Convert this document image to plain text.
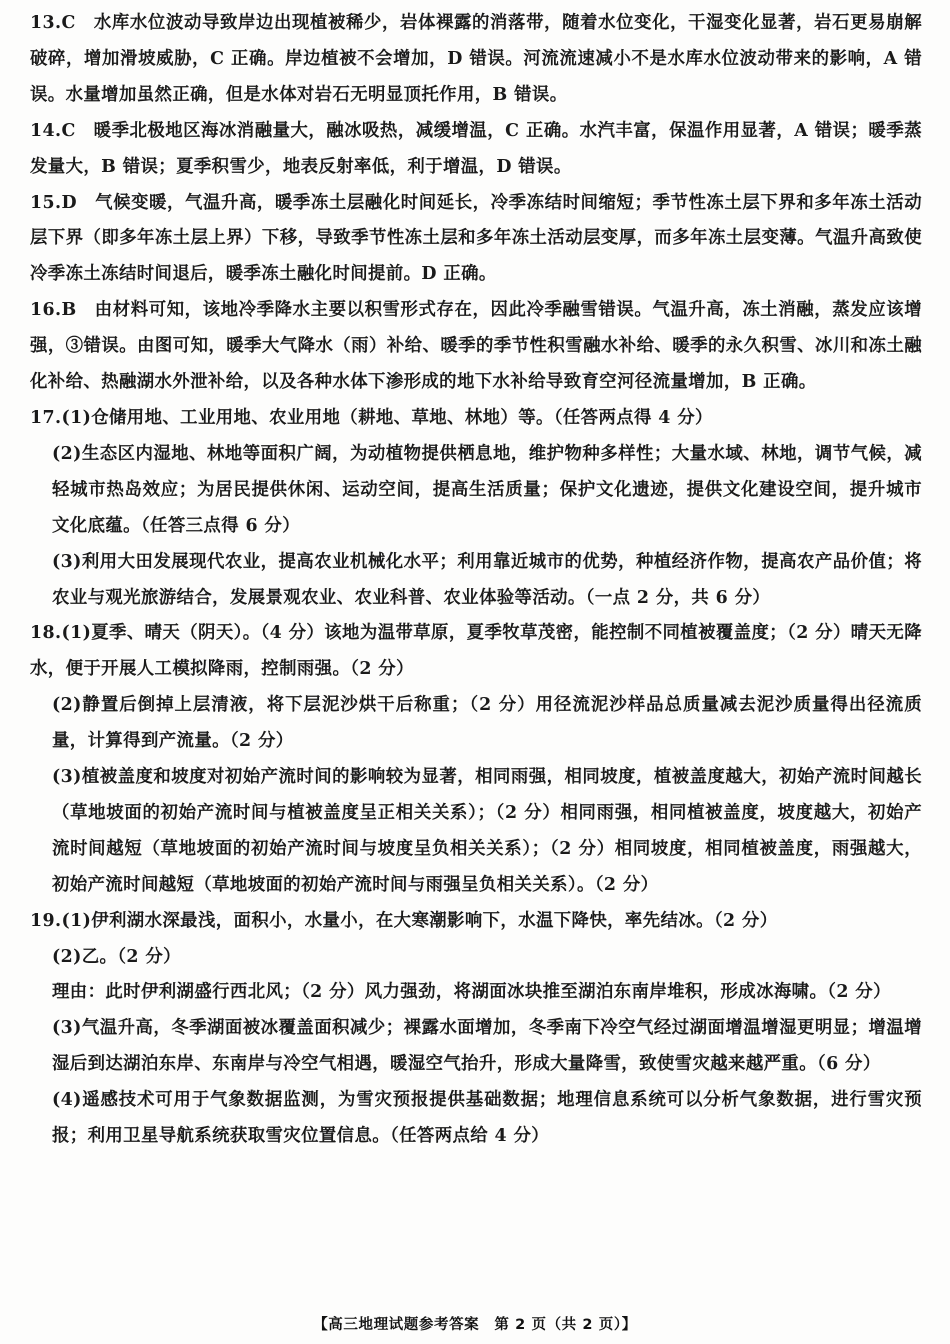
13.C　水库水位波动导致岸边出现植被稀少，岩体裸露的消落带，随着水位变化，干湿变化显著，岩石更易崩解破碎，增加滑坡威胁，C 正确。岸边植被不会增加，D 错误。河流流速减小不是水库水位波动带来的影响，A 错误。水量增加虽然正确，但是水体对岩石无明显顶托作用，B 错误。

14.C　暖季北极地区海冰消融量大，融冰吸热，减缓增温，C 正确。水汽丰富，保温作用显著，A 错误；暖季蒸发量大，B 错误；夏季积雪少，地表反射率低，利于增温，D 错误。

15.D　气候变暖，气温升高，暖季冻土层融化时间延长，冷季冻结时间缩短；季节性冻土层下界和多年冻土活动层下界（即多年冻土层上界）下移，导致季节性冻土层和多年冻土活动层变厚，而多年冻土层变薄。气温升高致使冷季冻土冻结时间退后，暖季冻土融化时间提前。D 正确。

16.B　由材料可知，该地冷季降水主要以积雪形式存在，因此冷季融雪错误。气温升高，冻土消融，蒸发应该增强，③错误。由图可知，暖季大气降水（雨）补给、暖季的季节性积雪融水补给、暖季的永久积雪、冰川和冻土融化补给、热融湖水外泄补给，以及各种水体下渗形成的地下水补给导致育空河径流量增加，B 正确。

17.(1)仓储用地、工业用地、农业用地（耕地、草地、林地）等。（任答两点得 4 分）

(2)生态区内湿地、林地等面积广阔，为动植物提供栖息地，维护物种多样性；大量水域、林地，调节气候，减轻城市热岛效应；为居民提供休闲、运动空间，提高生活质量；保护文化遗迹，提供文化建设空间，提升城市文化底蕴。（任答三点得 6 分）

(3)利用大田发展现代农业，提高农业机械化水平；利用靠近城市的优势，种植经济作物，提高农产品价值；将农业与观光旅游结合，发展景观农业、农业科普、农业体验等活动。（一点 2 分，共 6 分）

18.(1)夏季、晴天（阴天）。（4 分）该地为温带草原，夏季牧草茂密，能控制不同植被覆盖度；（2 分）晴天无降水，便于开展人工模拟降雨，控制雨强。（2 分）

(2)静置后倒掉上层清液，将下层泥沙烘干后称重；（2 分）用径流泥沙样品总质量减去泥沙质量得出径流质量，计算得到产流量。（2 分）

(3)植被盖度和坡度对初始产流时间的影响较为显著，相同雨强，相同坡度，植被盖度越大，初始产流时间越长（草地坡面的初始产流时间与植被盖度呈正相关关系）；（2 分）相同雨强，相同植被盖度，坡度越大，初始产流时间越短（草地坡面的初始产流时间与坡度呈负相关关系）；（2 分）相同坡度，相同植被盖度，雨强越大，初始产流时间越短（草地坡面的初始产流时间与雨强呈负相关关系）。（2 分）

19.(1)伊利湖水深最浅，面积小，水量小，在大寒潮影响下，水温下降快，率先结冰。（2 分）

(2)乙。（2 分）

理由：此时伊利湖盛行西北风；（2 分）风力强劲，将湖面冰块推至湖泊东南岸堆积，形成冰海啸。（2 分）

(3)气温升高，冬季湖面被冰覆盖面积减少；裸露水面增加，冬季南下冷空气经过湖面增温增湿更明显；增温增湿后到达湖泊东岸、东南岸与冷空气相遇，暖湿空气抬升，形成大量降雪，致使雪灾越来越严重。（6 分）

(4)遥感技术可用于气象数据监测，为雪灾预报提供基础数据；地理信息系统可以分析气象数据，进行雪灾预报；利用卫星导航系统获取雪灾位置信息。（任答两点给 4 分）

【高三地理试题参考答案　第 2 页（共 2 页）】
